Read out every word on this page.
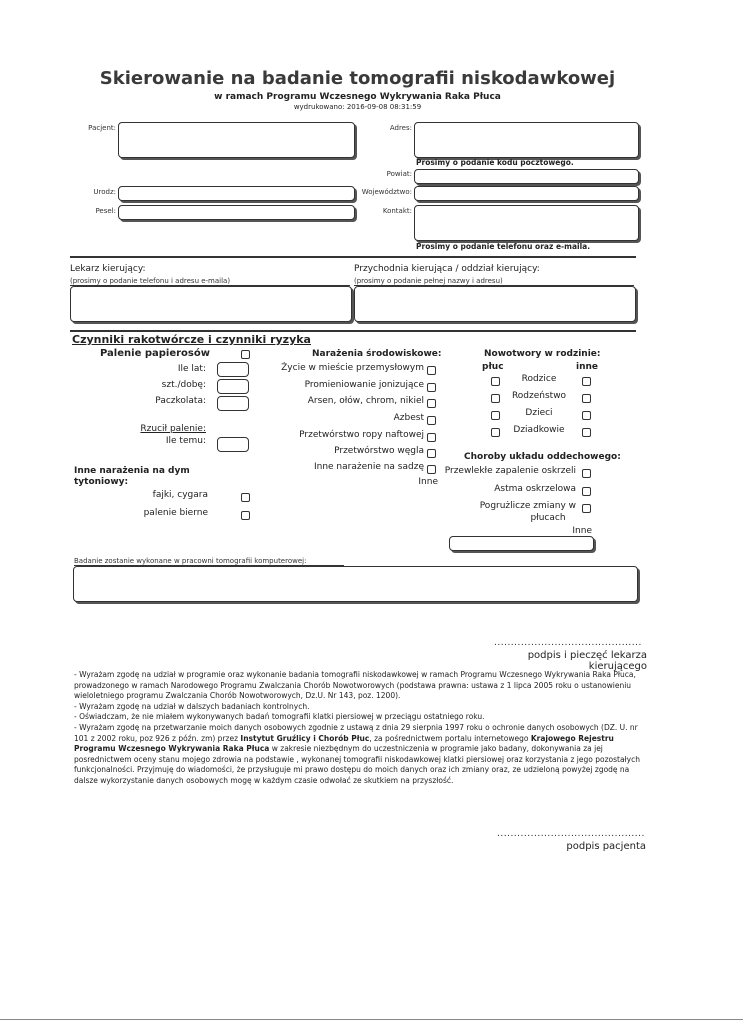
Skierowanie na badanie tomografii niskodawkowej
w ramach Programu Wczesnego Wykrywania Raka Płuca
wydrukowano: 2016-09-08 08:31:59
Pacjent:	Adres:
Prosimy o podanie kodu pocztowego.
Powiat:
Urodz:	Województwo:
Pesel:	Kontakt:
Prosimy o podanie telefonu oraz e-maila.
Lekarz kierujący:
(prosimy o podanie telefonu i adresu e-maila)
Przychodnia kierująca / oddział kierujący:
(prosimy o podanie pełnej nazwy i adresu)
Czynniki rakotwórcze i czynniki ryzyka
Palenie papierosów
Ile lat:
szt./dobę:
Paczkolata:
Rzucił palenie:
Ile temu:
Inne narażenia na dym
tytoniowy:
fajki, cygara
palenie bierne
Narażenia środowiskowe:
Życie w mieście przemysłowym
Promieniowanie jonizujące
Arsen, ołów, chrom, nikiel
Azbest
Przetwórstwo ropy naftowej
Przetwórstwo węgla
Inne narażenie na sadzę
Inne
Nowotwory w rodzinie:
płuc	inne
Rodzice
Rodzeństwo
Dzieci
Dziadkowie
Choroby układu oddechowego:
Przewlekłe zapalenie oskrzeli
Astma oskrzelowa
Pogrużlicze zmiany w
płucach
Inne
Badanie zostanie wykonane w pracowni tomografii komputerowej:
............................................
podpis i pieczęć lekarza kierującego

- Wyrażam zgodę na udział w programie oraz wykonanie badania tomografii niskodawkowej w ramach Programu Wczesnego Wykrywania Raka Płuca, prowadzonego w ramach Narodowego Programu Zwalczania Chorób Nowotworowych (podstawa prawna: ustawa z 1 lipca 2005 roku o ustanowieniu wieloletniego programu Zwalczania Chorób Nowotworowych, Dz.U. Nr 143, poz. 1200).

- Wyrażam zgodę na udział w dalszych badaniach kontrolnych.

- Oświadczam, że nie miałem wykonywanych badań tomografii klatki piersiowej w przeciągu ostatniego roku.

- Wyrażam zgodę na przetwarzanie moich danych osobowych zgodnie z ustawą z dnia 29 sierpnia 1997 roku o ochronie danych osobowych (DZ. U. nr 101 z 2002 roku, poz 926 z późn. zm) przez Instytut Gruźlicy i Chorób Płuc, za pośrednictwem portalu internetowego Krajowego Rejestru Programu Wczesnego Wykrywania Raka Płuca w zakresie niezbędnym do uczestniczenia w programie jako badany, dokonywania za jej posrednictwem oceny stanu mojego zdrowia na podstawie , wykonanej tomografii niskodawkowej klatki piersiowej oraz korzystania z jego pozostałych funkcjonalności. Przyjmuję do wiadomości, że przysługuje mi prawo dostępu do moich danych oraz ich zmiany oraz, ze udzieloną powyżej zgodę na dalsze wykorzystanie danych osobowych mogę w każdym czasie odwołać ze skutkiem na przyszłość.

............................................
podpis pacjenta
